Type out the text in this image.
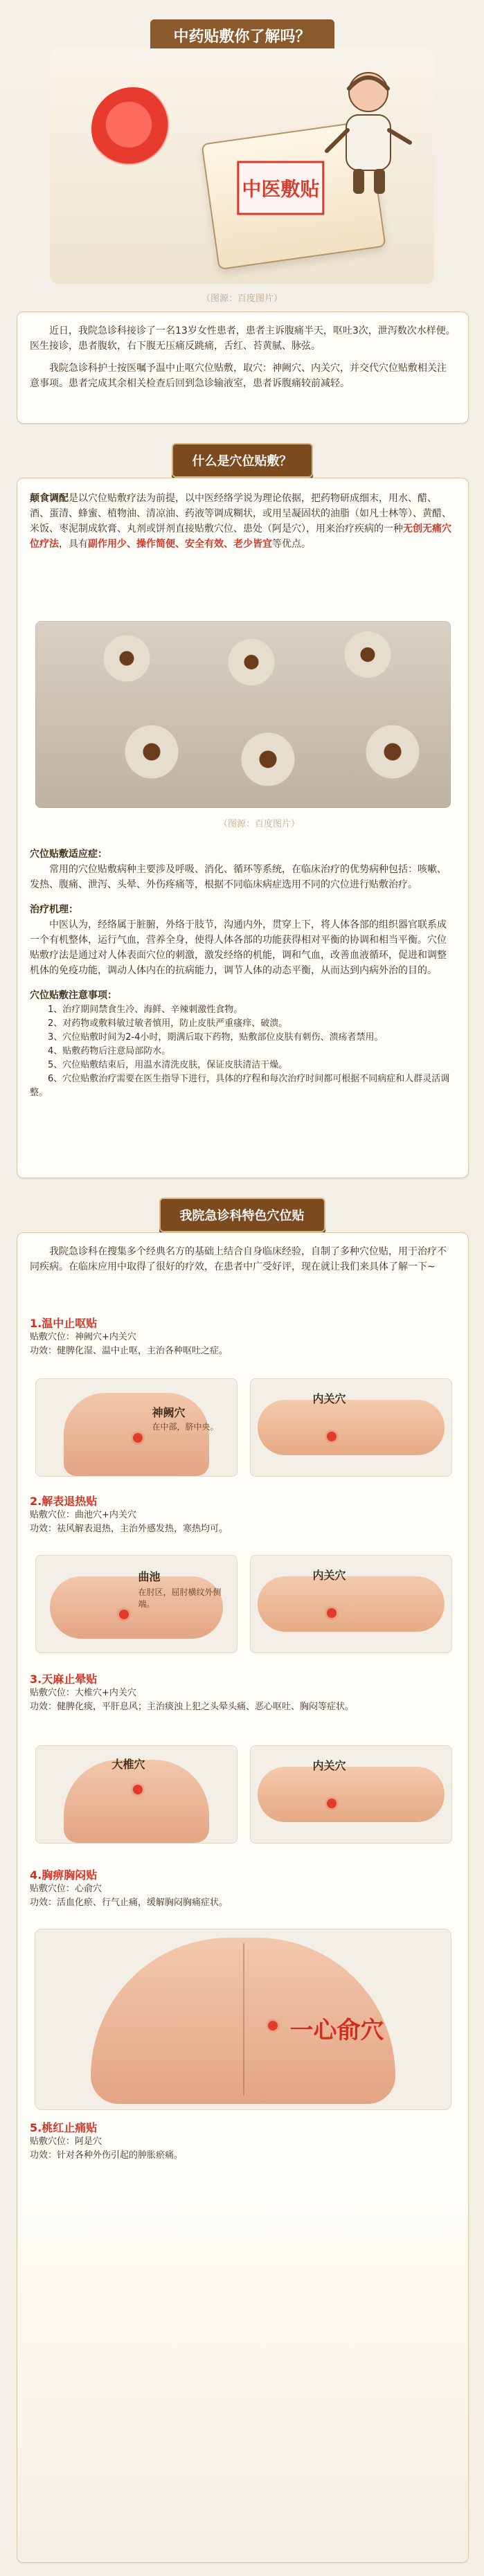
中药贴敷你了解吗？
中医敷贴
（图源：百度图片）
近日，我院急诊科接诊了一名13岁女性患者，患者主诉腹痛半天，呕吐3次，泄泻数次水样便。医生接诊，患者腹软，右下腹无压痛反跳痛，舌红、苔黄腻、脉弦。
我院急诊科护士按医嘱予温中止呕穴位贴敷，取穴：神阙穴、内关穴，并交代穴位贴敷相关注意事项。患者完成其余相关检查后回到急诊输液室，患者诉腹痛较前减轻。
什么是穴位贴敷？
颠食调配是以穴位贴敷疗法为前提，以中医经络学说为理论依据，把药物研成细末，用水、醋、酒、蛋清、蜂蜜、植物油、清凉油、药液等调成糊状，或用呈凝固状的油脂（如凡士林等）、黄醋、米饭、枣泥制成软膏、丸剂或饼剂直接贴敷穴位、患处（阿是穴），用来治疗疾病的一种无创无痛穴位疗法，具有副作用少、操作简便、安全有效、老少皆宜等优点。
（图源：百度图片）
穴位贴敷适应症：
常用的穴位贴敷病种主要涉及呼吸、消化、循环等系统，在临床治疗的优势病种包括：咳嗽、发热、腹痛、泄泻、头晕、外伤疼痛等，根据不同临床病症选用不同的穴位进行贴敷治疗。
治疗机理：
中医认为，经络属于脏腑，外络于肢节，沟通内外，贯穿上下，将人体各部的组织器官联系成一个有机整体，运行气血，营养全身，使得人体各部的功能获得相对平衡的协调和相当平衡。穴位贴敷疗法是通过对人体表面穴位的刺激，激发经络的机能，调和气血，改善血液循环，促进和调整机体的免疫功能，调动人体内在的抗病能力，调节人体的动态平衡，从而达到内病外治的目的。
穴位贴敷注意事项：
1、治疗期间禁食生冷、海鲜、辛辣刺激性食物。
2、对药物或敷料敏过敏者慎用，防止皮肤严重瘙痒、破溃。
3、穴位贴敷时间为2-4小时，期满后取下药物，贴敷部位皮肤有刺伤、溃疡者禁用。
4、贴敷药物后注意局部防水。
5、穴位贴敷结束后，用温水清洗皮肤，保证皮肤清洁干燥。
6、穴位贴敷治疗需要在医生指导下进行，具体的疗程和每次治疗时间都可根据不同病症和人群灵活调整。
我院急诊科特色穴位贴
我院急诊科在搜集多个经典名方的基础上结合自身临床经验，自制了多种穴位贴，用于治疗不同疾病。在临床应用中取得了很好的疗效，在患者中广受好评，现在就让我们来具体了解一下~
1.温中止呕贴
贴敷穴位：神阙穴+内关穴
功效：健脾化湿、温中止呕，主治各种呕吐之症。
神阙穴
在中部，脐中央。
内关穴
2.解表退热贴
贴敷穴位：曲池穴+内关穴
功效：祛风解表退热，主治外感发热，寒热均可。
曲池
在肘区，屈肘横纹外侧端。
内关穴
3.天麻止晕贴
贴敷穴位：大椎穴+内关穴
功效：健脾化痰，平肝息风；主治痰浊上犯之头晕头痛、恶心呕吐、胸闷等症状。
大椎穴	内关穴
4.胸痹胸闷贴
贴敷穴位：心俞穴
功效：活血化瘀、行气止痛，缓解胸闷胸痛症状。
一心俞穴
5.桃红止痛贴
贴敷穴位：阿是穴
功效：针对各种外伤引起的肿胀瘀痛。
